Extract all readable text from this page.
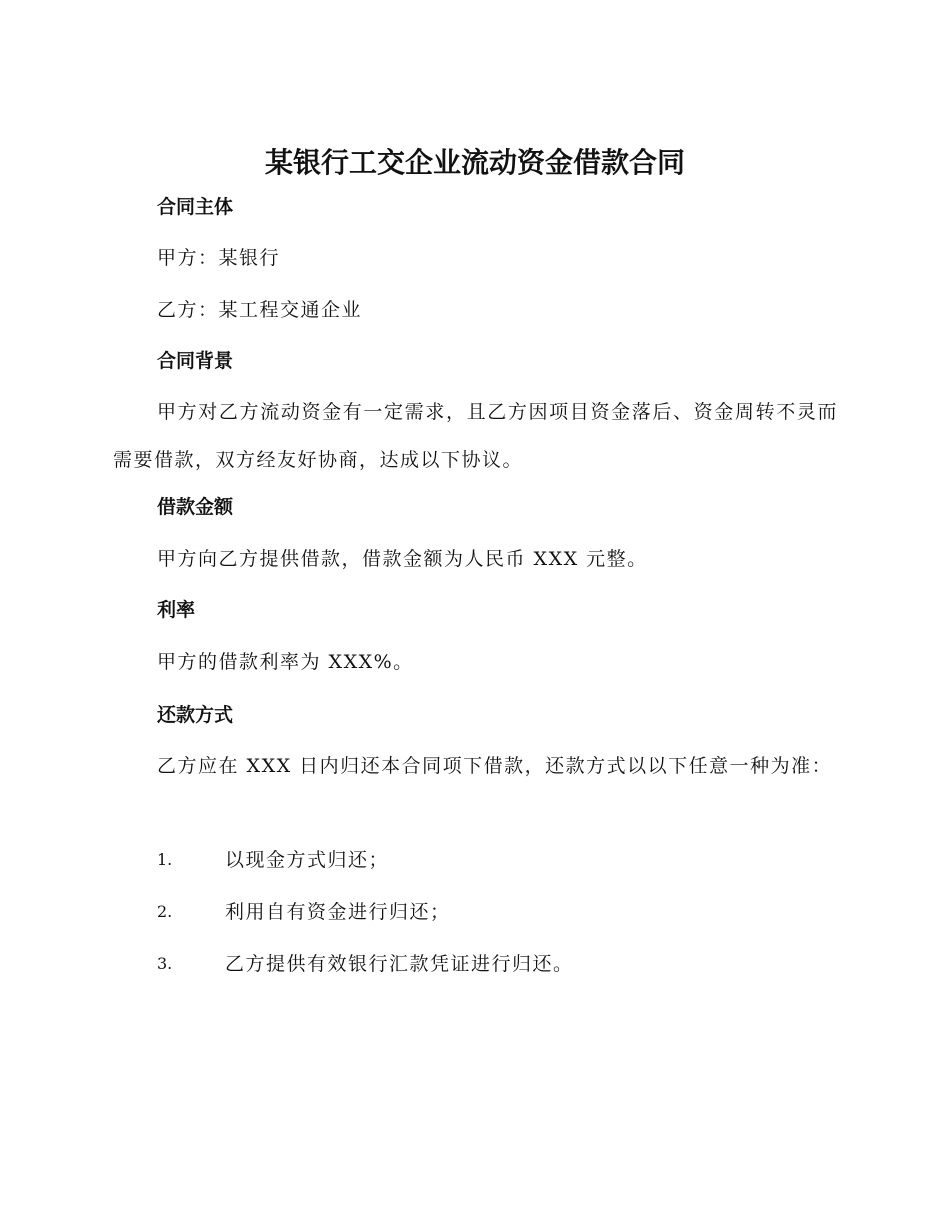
某银行工交企业流动资金借款合同
合同主体
甲方：某银行
乙方：某工程交通企业
合同背景
甲方对乙方流动资金有一定需求，且乙方因项目资金落后、资金周转不灵而需要借款，双方经友好协商，达成以下协议。
借款金额
甲方向乙方提供借款，借款金额为人民币 XXX 元整。
利率
甲方的借款利率为 XXX%。
还款方式
乙方应在 XXX 日内归还本合同项下借款，还款方式以以下任意一种为准：
1.	以现金方式归还；
2.	利用自有资金进行归还；
3.	乙方提供有效银行汇款凭证进行归还。
